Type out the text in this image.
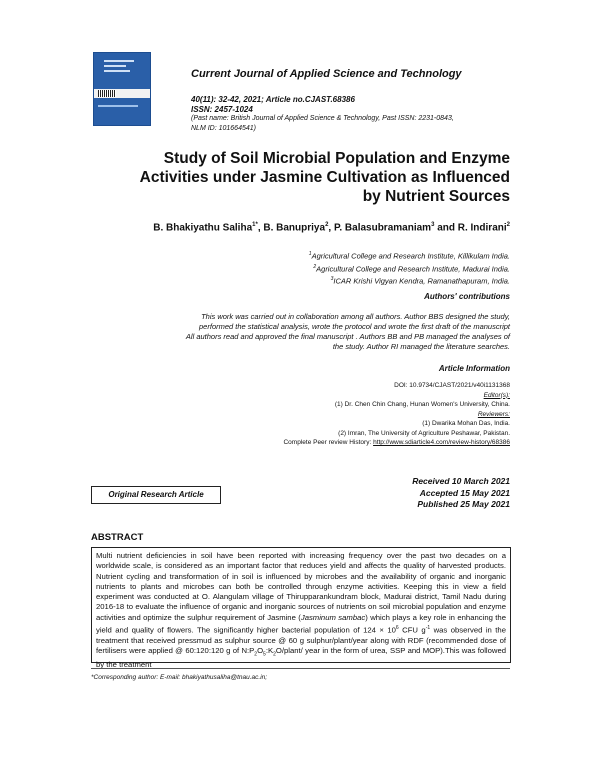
Current Journal of Applied Science and Technology
40(11): 32-42, 2021; Article no.CJAST.68386
ISSN: 2457-1024
(Past name: British Journal of Applied Science & Technology, Past ISSN: 2231-0843,
NLM ID: 101664541)
Study of Soil Microbial Population and Enzyme
Activities under Jasmine Cultivation as Influenced
by Nutrient Sources
B. Bhakiyathu Saliha$^{1*}$, B. Banupriya$^2$, P. Balasubramaniam$^3$ and R. Indirani$^2$
$^1$Agricultural College and Research Institute, Killikulam India.
$^2$Agricultural College and Research Institute, Madurai India.
$^3$ICAR Krishi Vigyan Kendra, Ramanathapuram, India.
Authors' contributions
This work was carried out in collaboration among all authors. Author BBS designed the study,
performed the statistical analysis, wrote the protocol and wrote the first draft of the manuscript
All authors read and approved the final manuscript . Authors BB and PB managed the analyses of
the study. Author RI managed the literature searches.
Article Information
DOI: 10.9734/CJAST/2021/v40i1131368
Editor(s):
(1) Dr. Chen Chin Chang, Hunan Women's University, China.
Reviewers:
(1) Dwarika Mohan Das, India.
(2) Imran, The University of Agriculture Peshawar, Pakistan.
Complete Peer review History: http://www.sdiarticle4.com/review-history/68386
Received 10 March 2021
Accepted 15 May 2021
Published 25 May 2021
Original Research Article
ABSTRACT
Multi nutrient deficiencies in soil have been reported with increasing frequency over the past two decades on a worldwide scale, is considered as an important factor that reduces yield and affects the quality of harvested products. Nutrient cycling and transformation of in soil is influenced by microbes and the availability of organic and inorganic nutrients to plants and microbes can both be controlled through enzyme activities. Keeping this in view a field experiment was conducted at O. Alangulam village of Thirupparankundram block, Madurai district, Tamil Nadu during 2016-18 to evaluate the influence of organic and inorganic sources of nutrients on soil microbial population and enzyme activities and optimize the sulphur requirement of Jasmine (Jasminum sambac) which plays a key role in enhancing the yield and quality of flowers. The significantly higher bacterial population of $124 \times 10^6$ CFU $g^{-1}$ was observed in the treatment that received pressmud as sulphur source @ 60 g sulphur/plant/year along with RDF (recommended dose of fertilisers were applied @ 60:120:120 g of $N:P_2O_5:K_2O/plant/$ year in the form of urea, SSP and MOP).This was followed by the treatment
*Corresponding author: E-mail: bhakiyathusaliha@tnau.ac.in;
